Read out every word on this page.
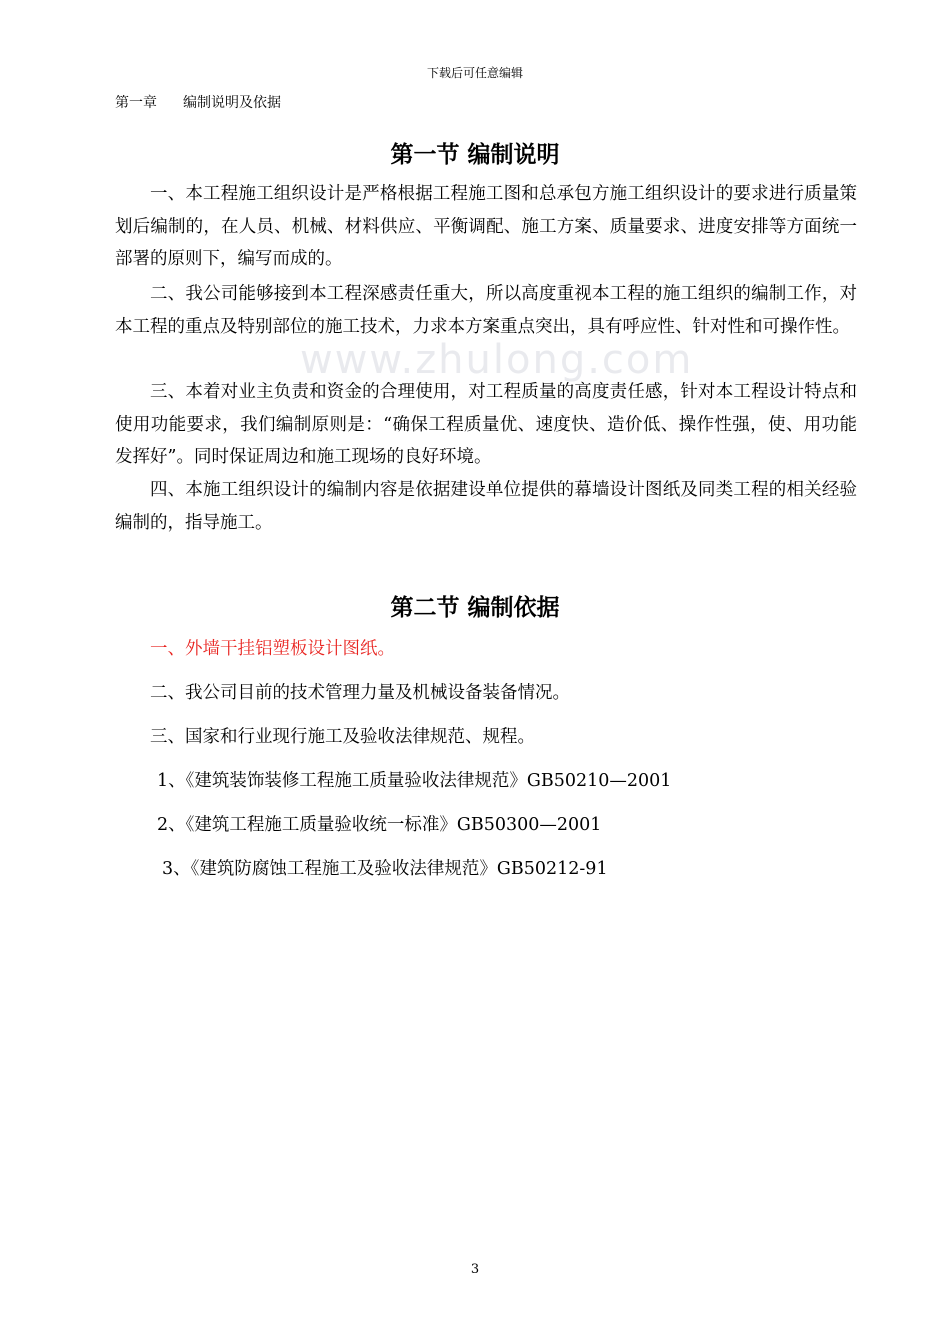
下载后可任意编辑
第一章 编制说明及依据
www.zhulong.com
第一节 编制说明
一、本工程施工组织设计是严格根据工程施工图和总承包方施工组织设计的要求进行质量策划后编制的，在人员、机械、材料供应、平衡调配、施工方案、质量要求、进度安排等方面统一部署的原则下，编写而成的。
二、我公司能够接到本工程深感责任重大，所以高度重视本工程的施工组织的编制工作，对本工程的重点及特别部位的施工技术，力求本方案重点突出，具有呼应性、针对性和可操作性。
三、本着对业主负责和资金的合理使用，对工程质量的高度责任感，针对本工程设计特点和使用功能要求，我们编制原则是：“确保工程质量优、速度快、造价低、操作性强，使、用功能发挥好”。同时保证周边和施工现场的良好环境。
四、本施工组织设计的编制内容是依据建设单位提供的幕墙设计图纸及同类工程的相关经验编制的，指导施工。
第二节 编制依据
一、外墙干挂铝塑板设计图纸。
二、我公司目前的技术管理力量及机械设备装备情况。
三、国家和行业现行施工及验收法律规范、规程。
1、《建筑装饰装修工程施工质量验收法律规范》GB50210—2001
2、《建筑工程施工质量验收统一标准》GB50300—2001
3、《建筑防腐蚀工程施工及验收法律规范》GB50212-91
3
